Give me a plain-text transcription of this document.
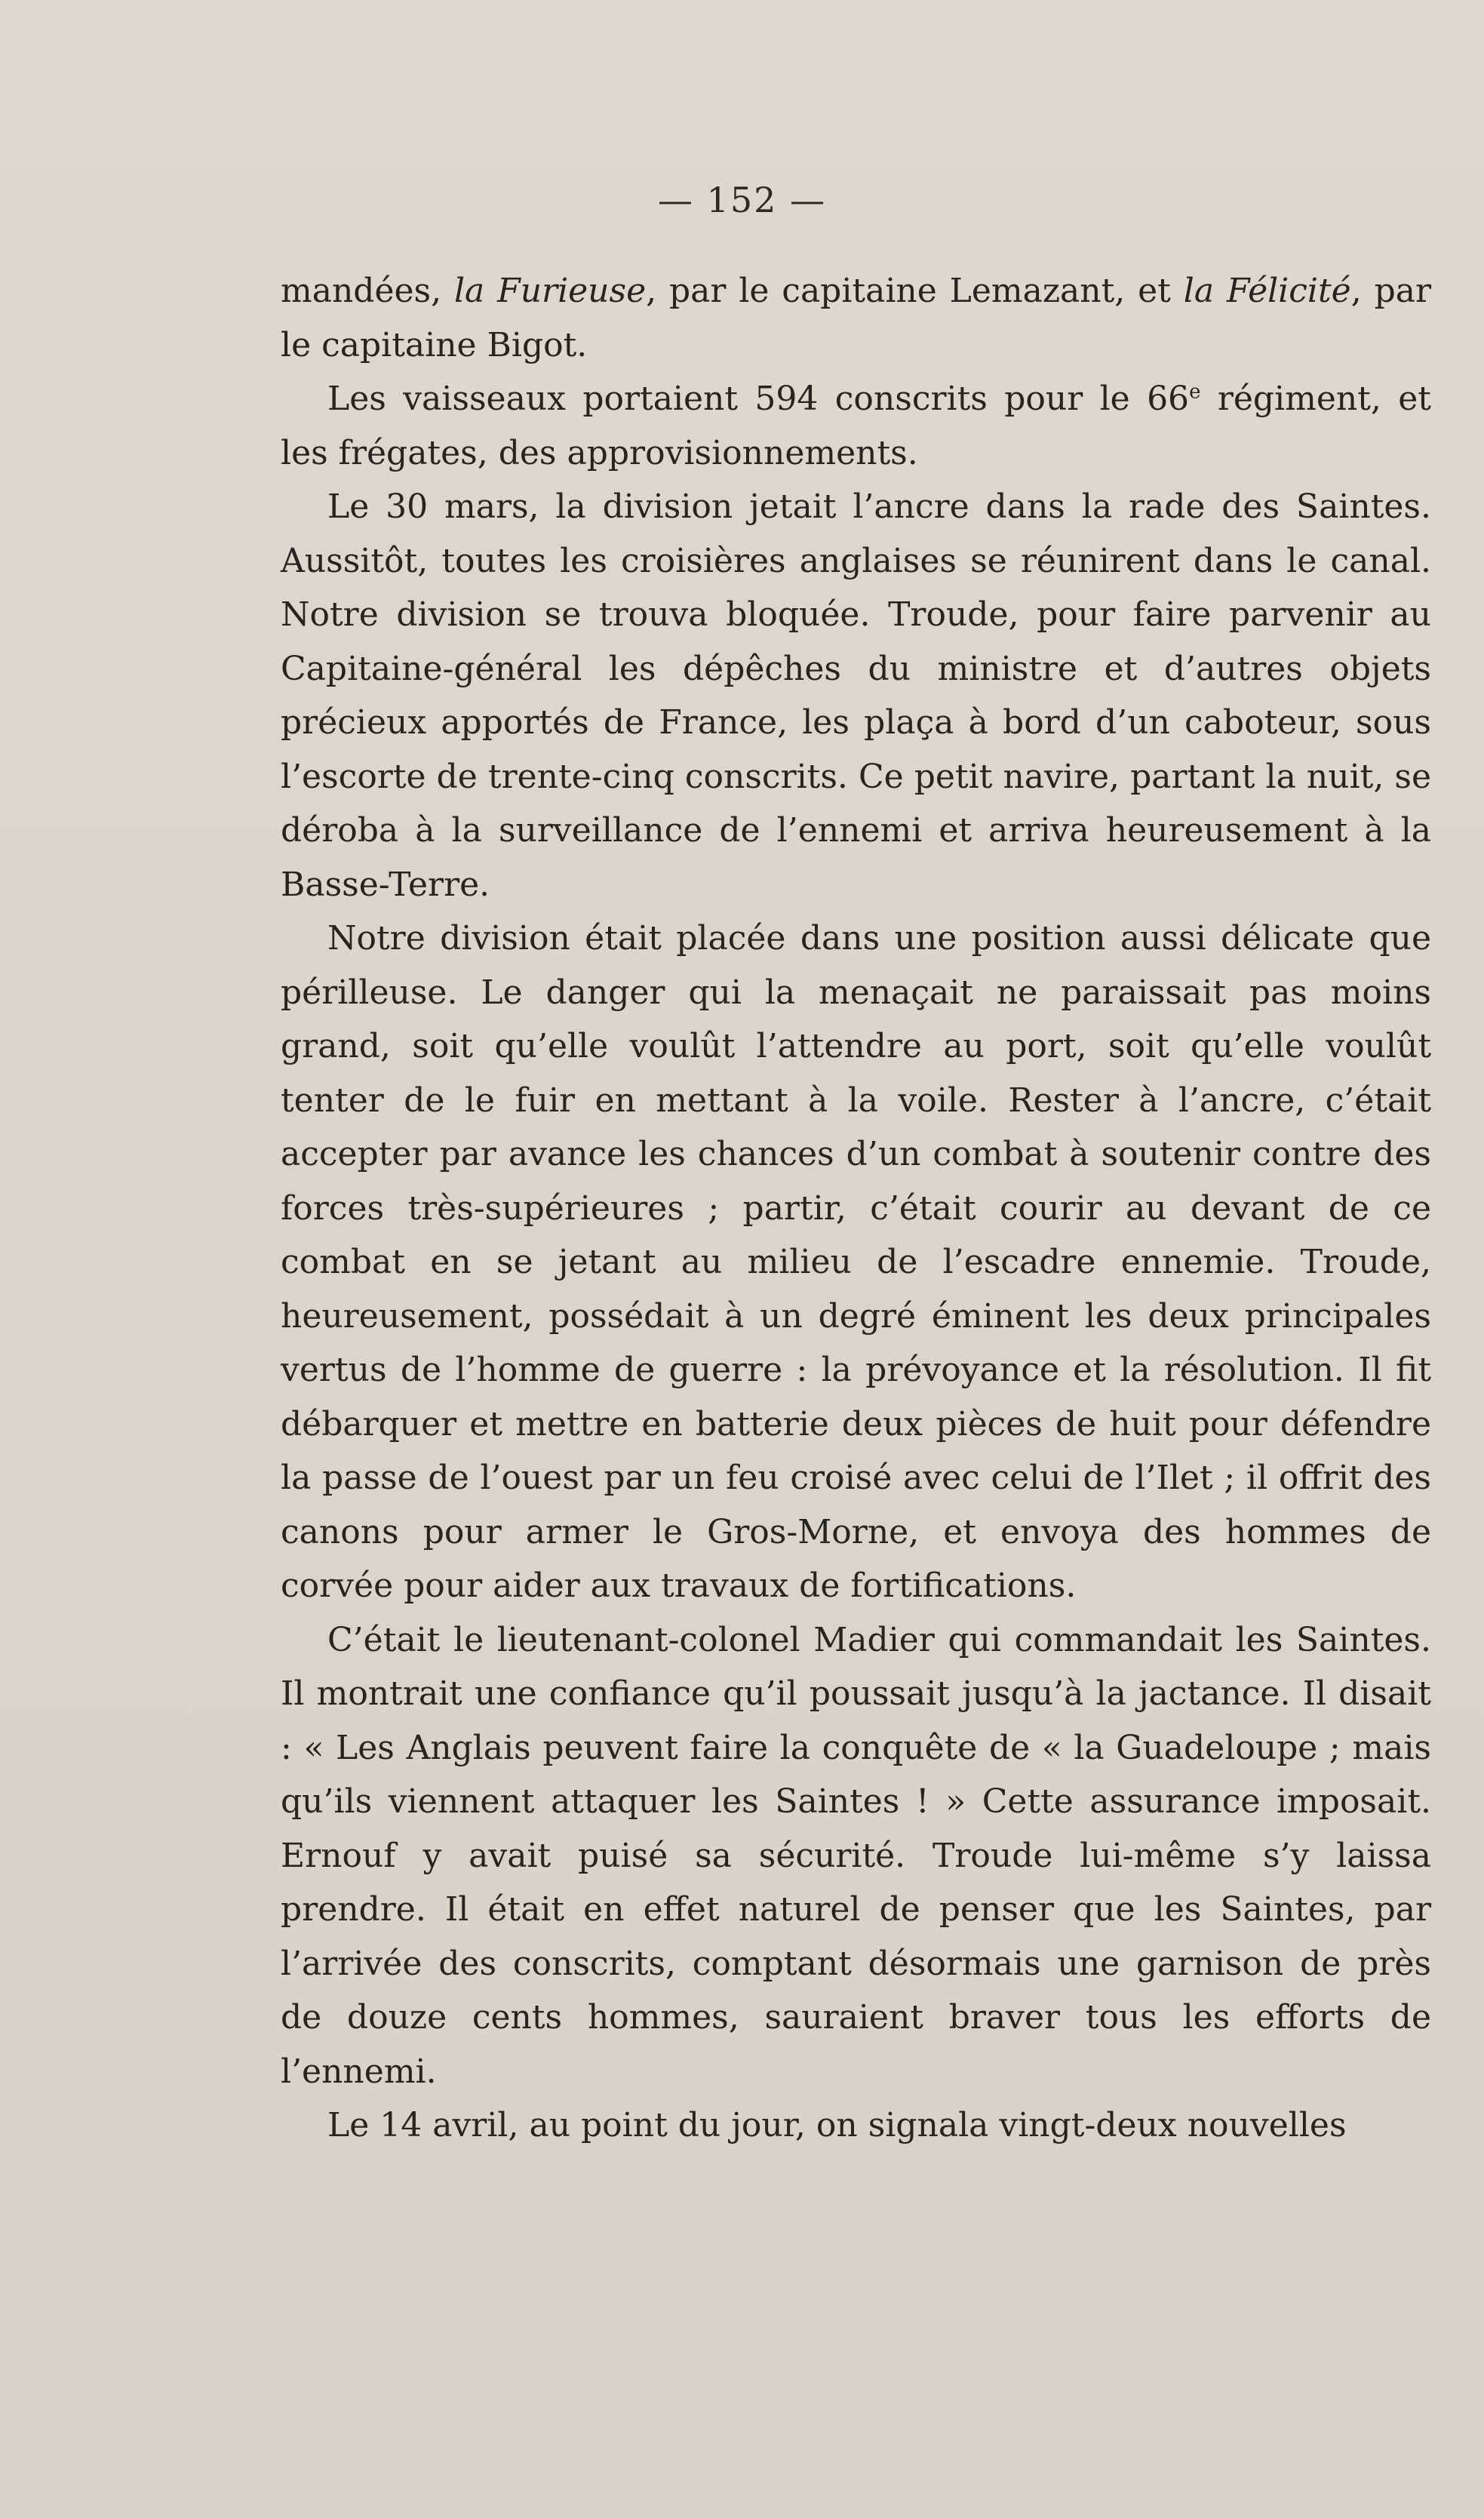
— 152 —

mandées, la Furieuse, par le capitaine Lemazant, et la Félicité, par le capitaine Bigot.

Les vaisseaux portaient 594 conscrits pour le 66e régiment, et les frégates, des approvisionnements.

Le 30 mars, la division jetait l’ancre dans la rade des Saintes. Aussitôt, toutes les croisières anglaises se réunirent dans le canal. Notre division se trouva bloquée. Troude, pour faire parvenir au Capitaine-général les dépêches du ministre et d’autres objets précieux apportés de France, les plaça à bord d’un caboteur, sous l’escorte de trente-cinq conscrits. Ce petit navire, partant la nuit, se déroba à la surveillance de l’ennemi et arriva heureusement à la Basse-Terre.

Notre division était placée dans une position aussi délicate que périlleuse. Le danger qui la menaçait ne paraissait pas moins grand, soit qu’elle voulût l’attendre au port, soit qu’elle voulût tenter de le fuir en mettant à la voile. Rester à l’ancre, c’était accepter par avance les chances d’un combat à soutenir contre des forces très-supérieures ; partir, c’était courir au devant de ce combat en se jetant au milieu de l’escadre ennemie. Troude, heureusement, possédait à un degré éminent les deux principales vertus de l’homme de guerre : la prévoyance et la résolution. Il fit débarquer et mettre en batterie deux pièces de huit pour défendre la passe de l’ouest par un feu croisé avec celui de l’Ilet ; il offrit des canons pour armer le Gros-Morne, et envoya des hommes de corvée pour aider aux travaux de fortifications.

C’était le lieutenant-colonel Madier qui commandait les Saintes. Il montrait une confiance qu’il poussait jusqu’à la jactance. Il disait : « Les Anglais peuvent faire la conquête de « la Guadeloupe ; mais qu’ils viennent attaquer les Saintes ! » Cette assurance imposait. Ernouf y avait puisé sa sécurité. Troude lui-même s’y laissa prendre. Il était en effet naturel de penser que les Saintes, par l’arrivée des conscrits, comptant désormais une garnison de près de douze cents hommes, sauraient braver tous les efforts de l’ennemi.

Le 14 avril, au point du jour, on signala vingt-deux nouvelles
